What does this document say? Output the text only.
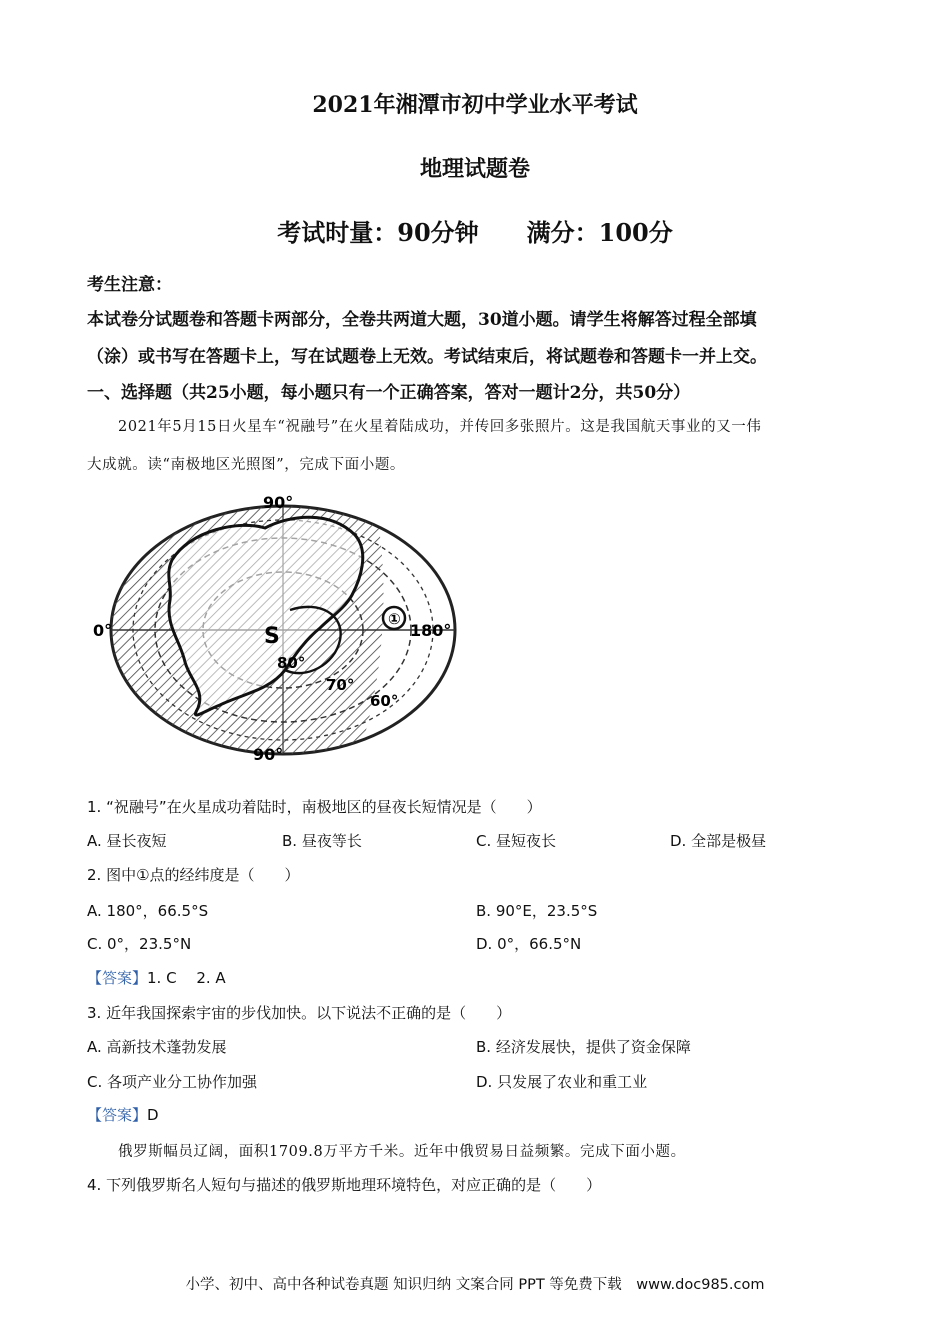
2021年湘潭市初中学业水平考试
地理试题卷
考试时量：90分钟　　满分：100分
考生注意：
本试卷分试题卷和答题卡两部分，全卷共两道大题，30道小题。请学生将解答过程全部填
（涂）或书写在答题卡上，写在试题卷上无效。考试结束后，将试题卷和答题卡一并上交。
一、选择题（共25小题，每小题只有一个正确答案，答对一题计2分，共50分）
2021年5月15日火星车“祝融号”在火星着陆成功，并传回多张照片。这是我国航天事业的又一伟
大成就。读“南极地区光照图”，完成下面小题。
①
90°
0°	180°
90°
80°
70°
60°
S
1. “祝融号”在火星成功着陆时，南极地区的昼夜长短情况是（　　）
A. 昼长夜短	B. 昼夜等长	C. 昼短夜长	D. 全部是极昼
2. 图中①点的经纬度是（　　）
A. 180°，66.5°S	B. 90°E，23.5°S
C. 0°，23.5°N	D. 0°，66.5°N
【答案】1. C　 2. A
3. 近年我国探索宇宙的步伐加快。以下说法不正确的是（　　）
A. 高新技术蓬勃发展	B. 经济发展快，提供了资金保障
C. 各项产业分工协作加强	D. 只发展了农业和重工业
【答案】D
俄罗斯幅员辽阔，面积1709.8万平方千米。近年中俄贸易日益频繁。完成下面小题。
4. 下列俄罗斯名人短句与描述的俄罗斯地理环境特色，对应正确的是（　　）
小学、初中、高中各种试卷真题 知识归纳 文案合同 PPT 等免费下载　www.doc985.com
